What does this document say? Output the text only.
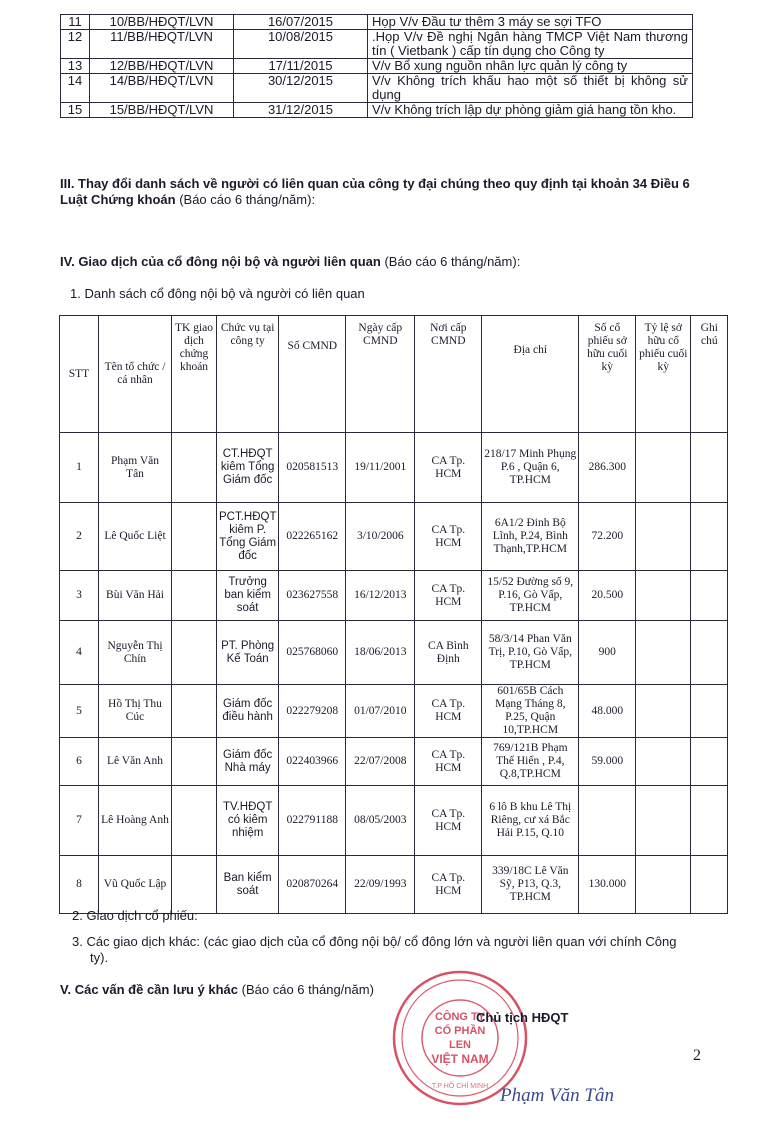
11	10/BB/HĐQT/LVN	16/07/2015	Họp V/v Đầu tư thêm 3 máy se sợi TFO
12	11/BB/HĐQT/LVN	10/08/2015	.Họp V/v Đề nghị Ngân hàng TMCP Việt Nam thương tín ( Vietbank ) cấp tín dụng cho Công ty
13	12/BB/HĐQT/LVN	17/11/2015	V/v Bổ xung nguồn nhân lực quản lý công ty
14	14/BB/HĐQT/LVN	30/12/2015	V/v Không trích khấu hao một số thiết bị không sử dụng
15	15/BB/HĐQT/LVN	31/12/2015	V/v Không trích lập dự phòng giảm giá hang tồn kho.
III. Thay đổi danh sách về người có liên quan của công ty đại chúng theo quy định tại khoản 34 Điều 6 Luật Chứng khoán (Báo cáo 6 tháng/năm):
IV. Giao dịch của cổ đông nội bộ và người liên quan (Báo cáo 6 tháng/năm):
1. Danh sách cổ đông nội bộ và người có liên quan
STT	Tên tổ chức / cá nhân	TK giao dịch chứng khoán	Chức vụ tại công ty	Số CMND	Ngày cấp CMND	Nơi cấp CMND	Địa chỉ	Số cổ phiếu sở hữu cuối kỳ	Tỷ lệ sở hữu cổ phiếu cuối kỳ	Ghi chú
1	Phạm Văn Tân		CT.HĐQT kiêm Tổng Giám đốc	020581513	19/11/2001	CA Tp. HCM	218/17 Minh Phụng P.6 , Quận 6, TP.HCM	286.300		
2	Lê Quốc Liệt		PCT.HĐQT kiêm P. Tổng Giám đốc	022265162	3/10/2006	CA Tp. HCM	6A1/2 Đinh Bộ Lĩnh, P.24, Bình Thạnh,TP.HCM	72.200		
3	Bùi Văn Hải		Trưởng ban kiểm soát	023627558	16/12/2013	CA Tp. HCM	15/52 Đường số 9, P.16, Gò Vấp, TP.HCM	20.500		
4	Nguyễn Thị Chín		PT. Phòng Kế Toán	025768060	18/06/2013	CA Bình Định	58/3/14 Phan Văn Trị, P.10, Gò Vấp, TP.HCM	900		
5	Hồ Thị Thu Cúc		Giám đốc điều hành	022279208	01/07/2010	CA Tp. HCM	601/65B Cách Mạng Tháng 8, P.25, Quận 10,TP.HCM	48.000		
6	Lê Văn Anh		Giám đốc Nhà máy	022403966	22/07/2008	CA Tp. HCM	769/121B Phạm Thế Hiển , P.4, Q.8,TP.HCM	59.000		
7	Lê Hoàng Anh		TV.HĐQT có kiêm nhiệm	022791188	08/05/2003	CA Tp. HCM	6 lô B khu Lê Thị Riêng, cư xá Bắc Hải P.15, Q.10			
8	Vũ Quốc Lập		Ban kiểm soát	020870264	22/09/1993	CA Tp. HCM	339/18C Lê Văn Sỹ, P13, Q.3, TP.HCM	130.000		
2. Giao dịch cổ phiếu:
3. Các giao dịch khác: (các giao dịch của cổ đông nội bộ/ cổ đông lớn và người liên quan với chính Công
ty).
V. Các vấn đề cần lưu ý khác (Báo cáo 6 tháng/năm)
CÔNG TY
CỔ PHẦN
LEN
VIỆT NAM
T.P HỒ CHÍ MINH
Chủ tịch HĐQT
2
Phạm Văn Tân
